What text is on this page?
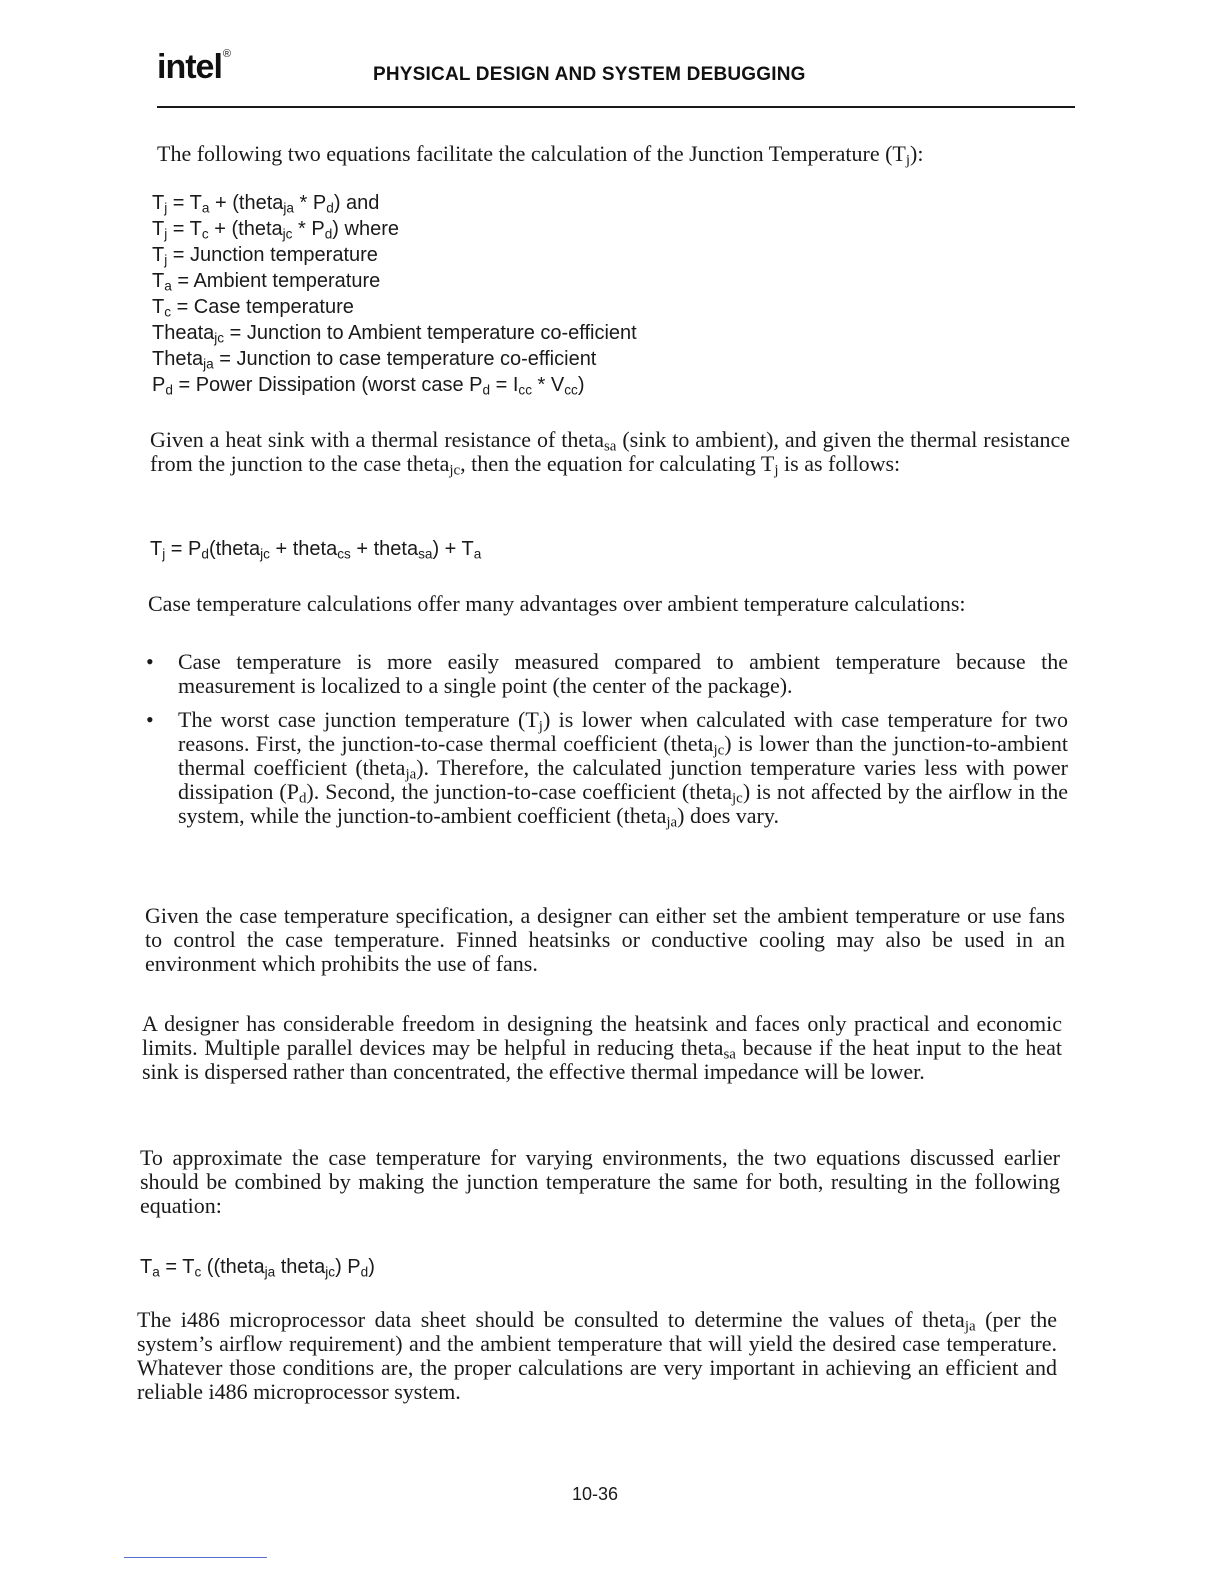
intel®
PHYSICAL DESIGN AND SYSTEM DEBUGGING

The following two equations facilitate the calculation of the Junction Temperature $(T_j)$:

$T_j = T_a$ + (theta$_{ja}$ * $P_d$) and
$T_j = T_c$ + (theta$_{jc}$ * $P_d$) where
$T_j$ = Junction temperature
$T_a$ = Ambient temperature
$T_c$ = Case temperature
Theata$_{jc}$ = Junction to Ambient temperature co-efficient
Theta$_{ja}$ = Junction to case temperature co-efficient
$P_d$ = Power Dissipation (worst case $P_d = I_{cc} * V_{cc}$)

Given a heat sink with a thermal resistance of theta$_{sa}$ (sink to ambient), and given the thermal resistance from the junction to the case theta$_{jc}$, then the equation for calculating $T_j$ is as follows:

$T_j$ = $P_d(theta_{jc}$ + theta$_{cs}$ + theta$_{sa}$) + $T_a$

Case temperature calculations offer many advantages over ambient temperature calculations:

• Case temperature is more easily measured compared to ambient temperature because the measurement is localized to a single point (the center of the package).
• The worst case junction temperature $(T_j)$ is lower when calculated with case temperature for two reasons. First, the junction-to-case thermal coefficient (theta$_{jc}$) is lower than the junction-to-ambient thermal coefficient (theta$_{ja}$). Therefore, the calculated junction temperature varies less with power dissipation $(P_d)$. Second, the junction-to-case coefficient (theta$_{jc}$) is not affected by the airflow in the system, while the junction-to-ambient coefficient (theta$_{ja}$) does vary.

Given the case temperature specification, a designer can either set the ambient temperature or use fans to control the case temperature. Finned heatsinks or conductive cooling may also be used in an environment which prohibits the use of fans.

A designer has considerable freedom in designing the heatsink and faces only practical and economic limits. Multiple parallel devices may be helpful in reducing theta$_{sa}$ because if the heat input to the heat sink is dispersed rather than concentrated, the effective thermal impedance will be lower.

To approximate the case temperature for varying environments, the two equations discussed earlier should be combined by making the junction temperature the same for both, resulting in the following equation:

$T_a = T_c$ ((theta$_{ja}$ theta$_{jc}$) $P_d$)

The i486 microprocessor data sheet should be consulted to determine the values of theta$_{ja}$ (per the system’s airflow requirement) and the ambient temperature that will yield the desired case temperature. Whatever those conditions are, the proper calculations are very important in achieving an efficient and reliable i486 microprocessor system.

10-36
